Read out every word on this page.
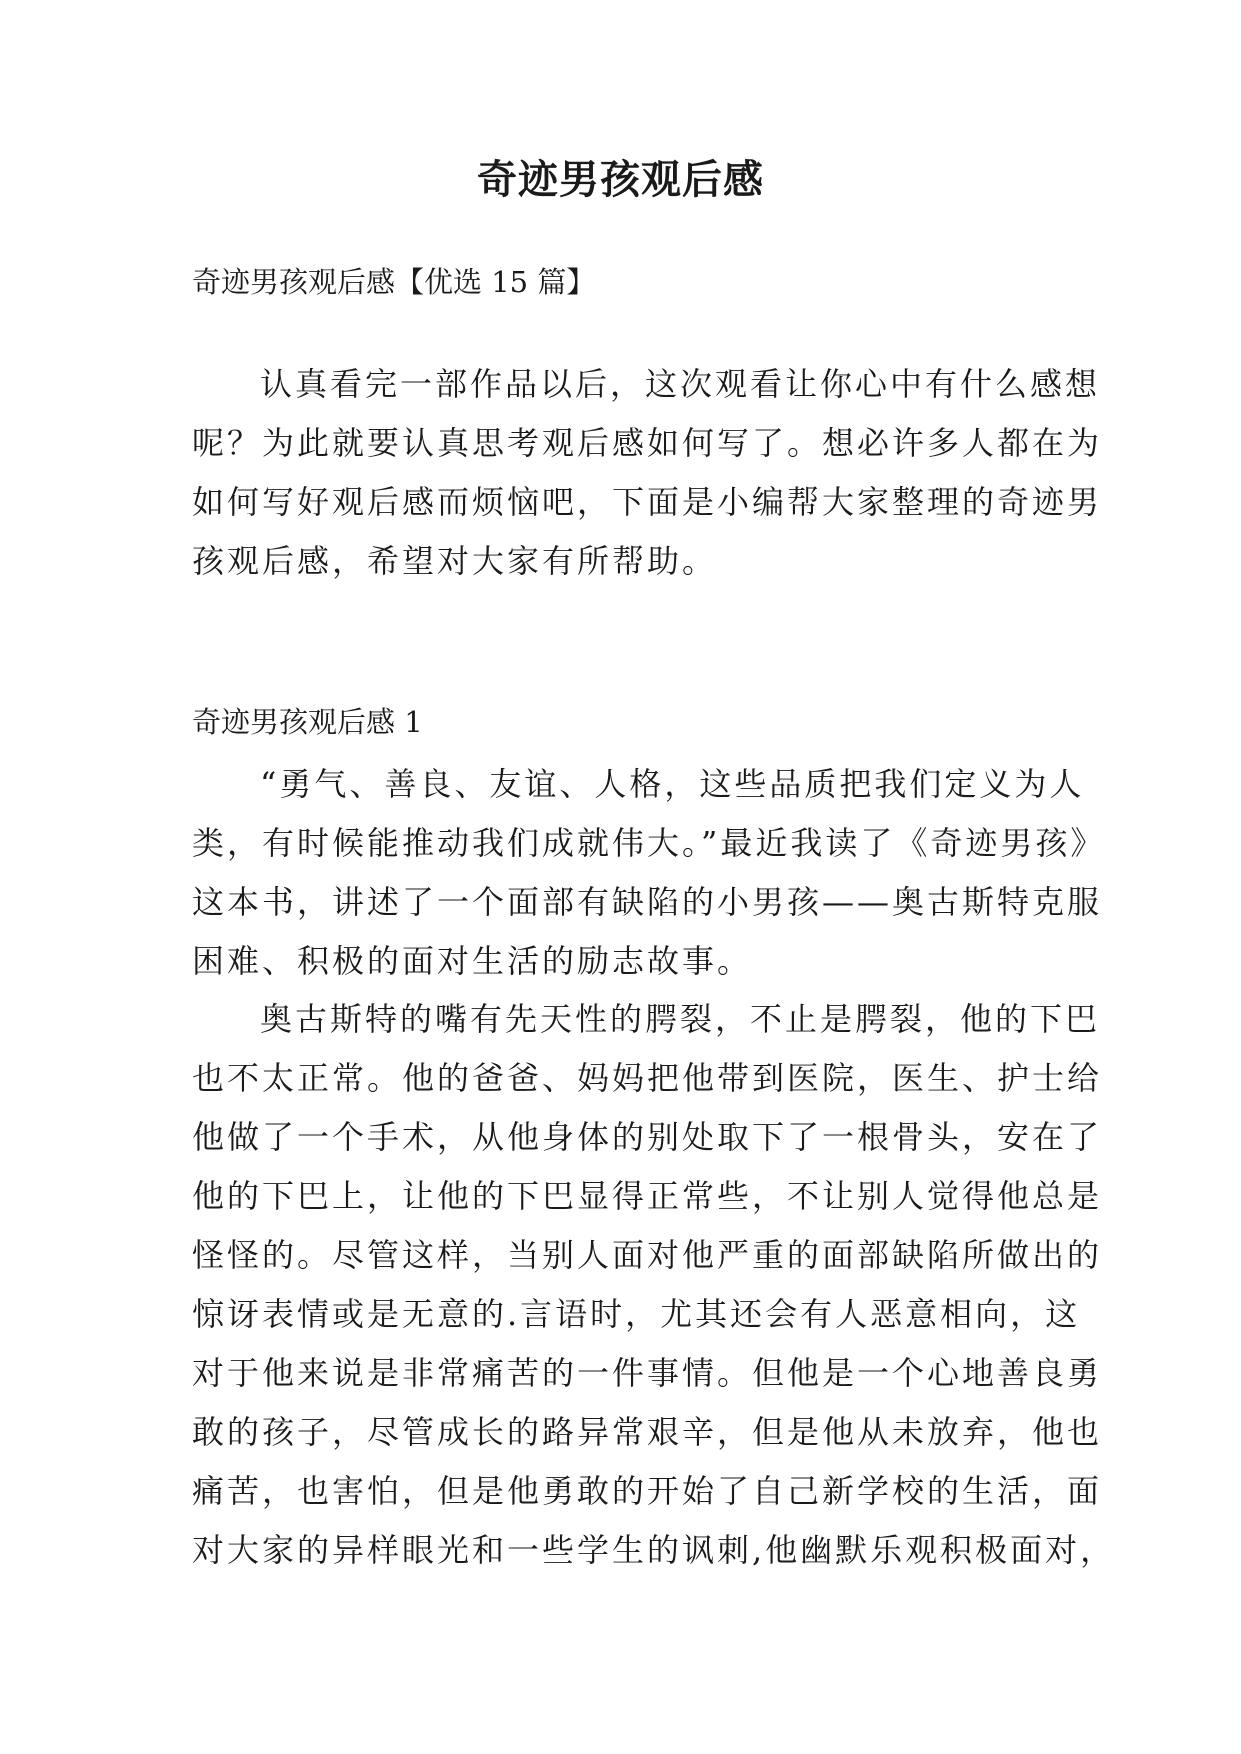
奇迹男孩观后感

奇迹男孩观后感【优选 15 篇】

认真看完一部作品以后，这次观看让你心中有什么感想
呢？为此就要认真思考观后感如何写了。想必许多人都在为
如何写好观后感而烦恼吧，下面是小编帮大家整理的奇迹男
孩观后感，希望对大家有所帮助。

奇迹男孩观后感 1

“勇气、善良、友谊、人格，这些品质把我们定义为人
类，有时候能推动我们成就伟大。”最近我读了《奇迹男孩》
这本书，讲述了一个面部有缺陷的小男孩——奥古斯特克服
困难、积极的面对生活的励志故事。
奥古斯特的嘴有先天性的腭裂，不止是腭裂，他的下巴
也不太正常。他的爸爸、妈妈把他带到医院，医生、护士给
他做了一个手术，从他身体的别处取下了一根骨头，安在了
他的下巴上，让他的下巴显得正常些，不让别人觉得他总是
怪怪的。尽管这样，当别人面对他严重的面部缺陷所做出的
惊讶表情或是无意的.言语时，尤其还会有人恶意相向，这
对于他来说是非常痛苦的一件事情。但他是一个心地善良勇
敢的孩子，尽管成长的路异常艰辛，但是他从未放弃，他也
痛苦，也害怕，但是他勇敢的开始了自己新学校的生活，面
对大家的异样眼光和一些学生的讽刺,他幽默乐观积极面对，
